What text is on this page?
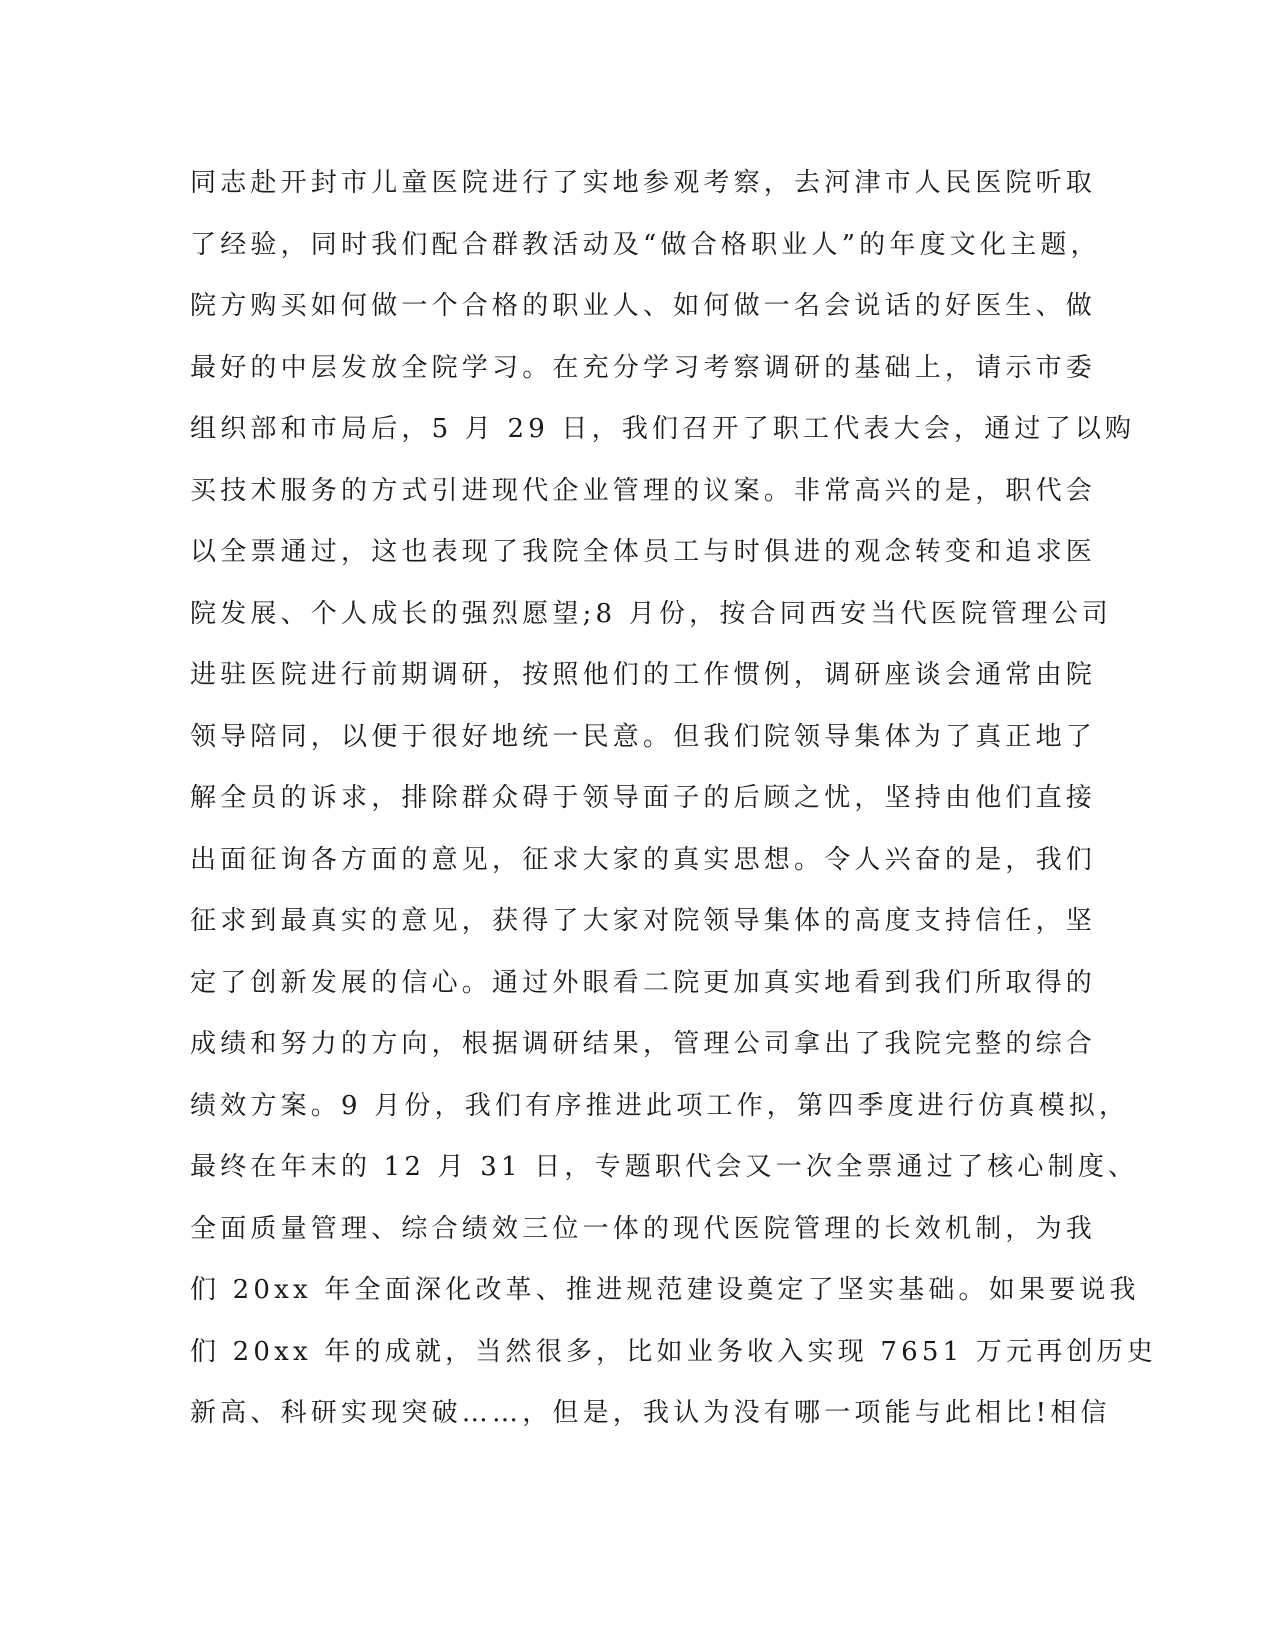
同志赴开封市儿童医院进行了实地参观考察，去河津市人民医院听取
了经验，同时我们配合群教活动及“做合格职业人”的年度文化主题，
院方购买如何做一个合格的职业人、如何做一名会说话的好医生、做
最好的中层发放全院学习。在充分学习考察调研的基础上，请示市委
组织部和市局后，5 月 29 日，我们召开了职工代表大会，通过了以购
买技术服务的方式引进现代企业管理的议案。非常高兴的是，职代会
以全票通过，这也表现了我院全体员工与时俱进的观念转变和追求医
院发展、个人成长的强烈愿望;8 月份，按合同西安当代医院管理公司
进驻医院进行前期调研，按照他们的工作惯例，调研座谈会通常由院
领导陪同，以便于很好地统一民意。但我们院领导集体为了真正地了
解全员的诉求，排除群众碍于领导面子的后顾之忧，坚持由他们直接
出面征询各方面的意见，征求大家的真实思想。令人兴奋的是，我们
征求到最真实的意见，获得了大家对院领导集体的高度支持信任，坚
定了创新发展的信心。通过外眼看二院更加真实地看到我们所取得的
成绩和努力的方向，根据调研结果，管理公司拿出了我院完整的综合
绩效方案。9 月份，我们有序推进此项工作，第四季度进行仿真模拟，
最终在年末的 12 月 31 日，专题职代会又一次全票通过了核心制度、
全面质量管理、综合绩效三位一体的现代医院管理的长效机制，为我
们 20xx 年全面深化改革、推进规范建设奠定了坚实基础。如果要说我
们 20xx 年的成就，当然很多，比如业务收入实现 7651 万元再创历史
新高、科研实现突破……，但是，我认为没有哪一项能与此相比!相信
